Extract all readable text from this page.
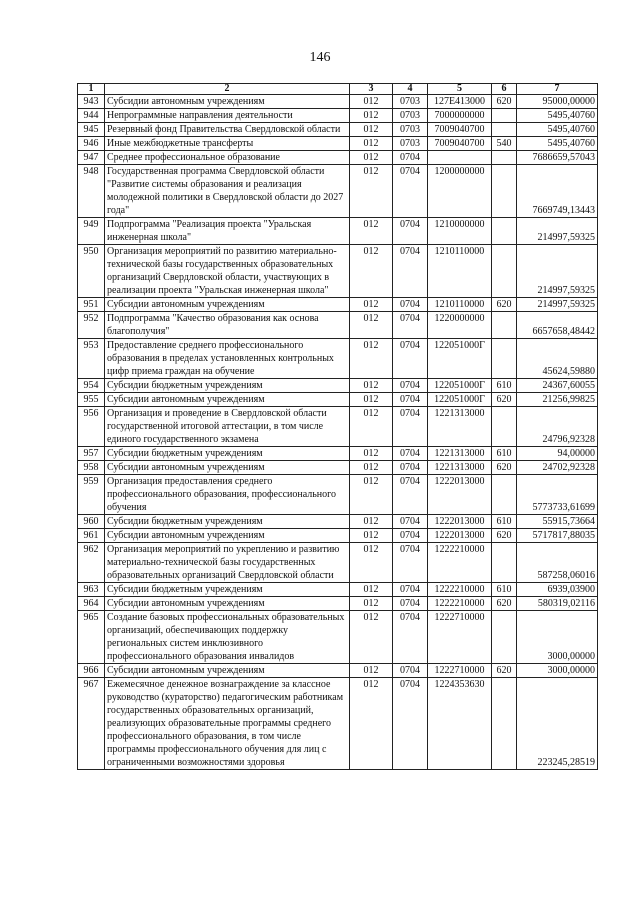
146
1	2	3	4	5	6	7
943	Субсидии автономным учреждениям	012	0703	127Е413000	620	95000,00000
944	Непрограммные направления деятельности	012	0703	7000000000		5495,40760
945	Резервный фонд Правительства Свердловской области	012	0703	7009040700		5495,40760
946	Иные межбюджетные трансферты	012	0703	7009040700	540	5495,40760
947	Среднее профессиональное образование	012	0704			7686659,57043
948	Государственная программа Свердловской области "Развитие системы образования и реализация молодежной политики в Свердловской области до 2027 года"	012	0704	1200000000		7669749,13443
949	Подпрограмма "Реализация проекта "Уральская инженерная школа"	012	0704	1210000000		214997,59325
950	Организация мероприятий по развитию материально-технической базы государственных образовательных организаций Свердловской области, участвующих в реализации проекта "Уральская инженерная школа"	012	0704	1210110000		214997,59325
951	Субсидии автономным учреждениям	012	0704	1210110000	620	214997,59325
952	Подпрограмма "Качество образования как основа благополучия"	012	0704	1220000000		6657658,48442
953	Предоставление среднего профессионального образования в пределах установленных контрольных цифр приема граждан на обучение	012	0704	122051000Г		45624,59880
954	Субсидии бюджетным учреждениям	012	0704	122051000Г	610	24367,60055
955	Субсидии автономным учреждениям	012	0704	122051000Г	620	21256,99825
956	Организация и проведение в Свердловской области государственной итоговой аттестации, в том числе единого государственного экзамена	012	0704	1221313000		24796,92328
957	Субсидии бюджетным учреждениям	012	0704	1221313000	610	94,00000
958	Субсидии автономным учреждениям	012	0704	1221313000	620	24702,92328
959	Организация предоставления среднего профессионального образования, профессионального обучения	012	0704	1222013000		5773733,61699
960	Субсидии бюджетным учреждениям	012	0704	1222013000	610	55915,73664
961	Субсидии автономным учреждениям	012	0704	1222013000	620	5717817,88035
962	Организация мероприятий по укреплению и развитию материально-технической базы государственных образовательных организаций Свердловской области	012	0704	1222210000		587258,06016
963	Субсидии бюджетным учреждениям	012	0704	1222210000	610	6939,03900
964	Субсидии автономным учреждениям	012	0704	1222210000	620	580319,02116
965	Создание базовых профессиональных образовательных организаций, обеспечивающих поддержку региональных систем инклюзивного профессионального образования инвалидов	012	0704	1222710000		3000,00000
966	Субсидии автономным учреждениям	012	0704	1222710000	620	3000,00000
967	Ежемесячное денежное вознаграждение за классное руководство (кураторство) педагогическим работникам государственных образовательных организаций, реализующих образовательные программы среднего профессионального образования, в том числе программы профессионального обучения для лиц с ограниченными возможностями здоровья	012	0704	1224353630		223245,28519
